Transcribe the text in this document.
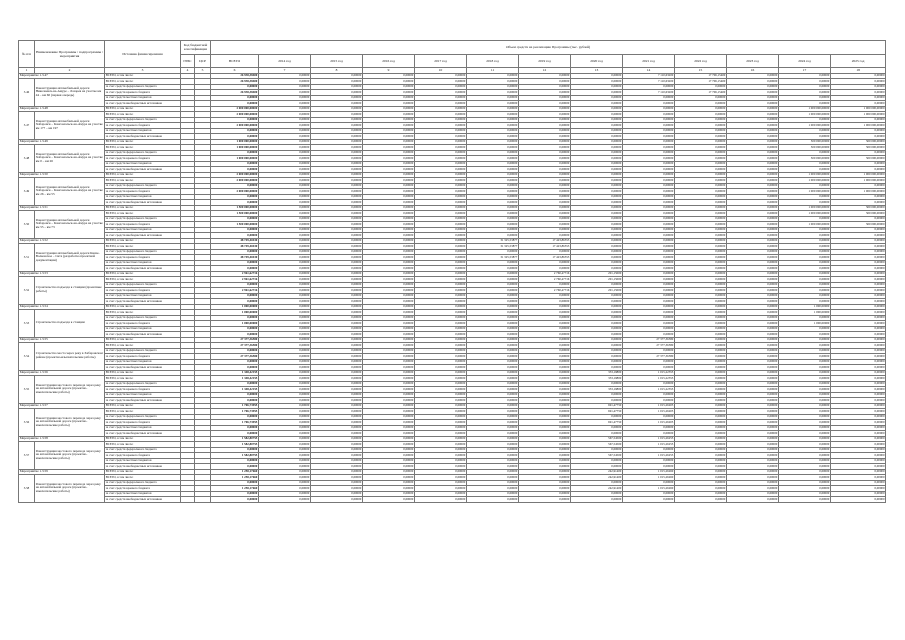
№ п/п	Наименование Программы / подпрограммы / мероприятия	Источник финансирования	Код бюджетной классификации		Объем средств на реализацию Программы (тыс. рублей)												
			ГРБС	ЦСР	ВСЕГО	2014 год	2015 год	2016 год	2017 год	2018 год	2019 год	2020 год	2021 год	2022 год	2023 год	2024 год	2025 год
1	2	3	4	5	6	7	8	9	10	11	12	13	14	15	16	17	18
Мероприятие 1.3.47		ВСЕГО, в том числе:			26 938,38400	0,00000	0,00000	0,00000	0,00000	0,00000	0,00000	0,00000	7 110,63200	17 706,15400	0,00000	0,00000	0,00000
3.46	Реконструкция автомобильной дороги Николаевск-на-Амуре – Лазарев на участке км 44 – км 60 (первая очередь)	ВСЕГО, в том числе:			26 938,38400	0,00000	0,00000	0,00000	0,00000	0,00000	0,00000	0,00000	7 110,63200	17 706,15400	0,00000	0,00000	0,00000
		за счет средств федерального бюджета			0,00000	0,00000	0,00000	0,00000	0,00000	0,00000	0,00000	0,00000	0,00000	0,00000	0,00000	0,00000	0,00000
		за счет средств краевого бюджета			26 938,38400	0,00000	0,00000	0,00000	0,00000	0,00000	0,00000	0,00000	7 110,63200	17 706,15400	0,00000	0,00000	0,00000
		за счет средств местных бюджетов			0,00000	0,00000	0,00000	0,00000	0,00000	0,00000	0,00000	0,00000	0,00000	0,00000	0,00000	0,00000	0,00000
		за счет средств внебюджетных источников			0,00000	0,00000	0,00000	0,00000	0,00000	0,00000	0,00000	0,00000	0,00000	0,00000	0,00000	0,00000	0,00000
Мероприятие 1.3.48		ВСЕГО, в том числе:			2 000 000,00000	0,00000	0,00000	0,00000	0,00000	0,00000	0,00000	0,00000	0,00000	0,00000	0,00000	1 000 000,00000	1 000 000,00000
3.47	Реконструкция автомобильной дороги Хабаровск – Комсомольск-на-Амуре на участке км 177 – км 197	ВСЕГО, в том числе:			2 000 000,00000	0,00000	0,00000	0,00000	0,00000	0,00000	0,00000	0,00000	0,00000	0,00000	0,00000	1 000 000,00000	1 000 000,00000
		за счет средств федерального бюджета			0,00000	0,00000	0,00000	0,00000	0,00000	0,00000	0,00000	0,00000	0,00000	0,00000	0,00000	0,00000	0,00000
		за счет средств краевого бюджета			2 000 000,00000	0,00000	0,00000	0,00000	0,00000	0,00000	0,00000	0,00000	0,00000	0,00000	0,00000	1 000 000,00000	1 000 000,00000
		за счет средств местных бюджетов			0,00000	0,00000	0,00000	0,00000	0,00000	0,00000	0,00000	0,00000	0,00000	0,00000	0,00000	0,00000	0,00000
		за счет средств внебюджетных источников			0,00000	0,00000	0,00000	0,00000	0,00000	0,00000	0,00000	0,00000	0,00000	0,00000	0,00000	0,00000	0,00000
Мероприятие 1.3.49		ВСЕГО, в том числе:			1 000 000,00000	0,00000	0,00000	0,00000	0,00000	0,00000	0,00000	0,00000	0,00000	0,00000	0,00000	500 000,00000	500 000,00000
3.48	Реконструкция автомобильной дороги Хабаровск – Комсомольск-на-Амуре на участке км 0 – км 26	ВСЕГО, в том числе:			1 000 000,00000	0,00000	0,00000	0,00000	0,00000	0,00000	0,00000	0,00000	0,00000	0,00000	0,00000	500 000,00000	500 000,00000
		за счет средств федерального бюджета			0,00000	0,00000	0,00000	0,00000	0,00000	0,00000	0,00000	0,00000	0,00000	0,00000	0,00000	0,00000	0,00000
		за счет средств краевого бюджета			1 000 000,00000	0,00000	0,00000	0,00000	0,00000	0,00000	0,00000	0,00000	0,00000	0,00000	0,00000	500 000,00000	500 000,00000
		за счет средств местных бюджетов			0,00000	0,00000	0,00000	0,00000	0,00000	0,00000	0,00000	0,00000	0,00000	0,00000	0,00000	0,00000	0,00000
		за счет средств внебюджетных источников			0,00000	0,00000	0,00000	0,00000	0,00000	0,00000	0,00000	0,00000	0,00000	0,00000	0,00000	0,00000	0,00000
Мероприятие 1.3.50		ВСЕГО, в том числе:			2 000 000,00000	0,00000	0,00000	0,00000	0,00000	0,00000	0,00000	0,00000	0,00000	0,00000	0,00000	1 000 000,00000	1 000 000,00000
3.49	Реконструкция автомобильной дороги Хабаровск – Комсомольск-на-Амуре на участке км 26 – км 55	ВСЕГО, в том числе:			2 000 000,00000	0,00000	0,00000	0,00000	0,00000	0,00000	0,00000	0,00000	0,00000	0,00000	0,00000	1 000 000,00000	1 000 000,00000
		за счет средств федерального бюджета			0,00000	0,00000	0,00000	0,00000	0,00000	0,00000	0,00000	0,00000	0,00000	0,00000	0,00000	0,00000	0,00000
		за счет средств краевого бюджета			2 000 000,00000	0,00000	0,00000	0,00000	0,00000	0,00000	0,00000	0,00000	0,00000	0,00000	0,00000	1 000 000,00000	1 000 000,00000
		за счет средств местных бюджетов			0,00000	0,00000	0,00000	0,00000	0,00000	0,00000	0,00000	0,00000	0,00000	0,00000	0,00000	0,00000	0,00000
		за счет средств внебюджетных источников			0,00000	0,00000	0,00000	0,00000	0,00000	0,00000	0,00000	0,00000	0,00000	0,00000	0,00000	0,00000	0,00000
Мероприятие 1.3.51		ВСЕГО, в том числе:			1 500 000,00000	0,00000	0,00000	0,00000	0,00000	0,00000	0,00000	0,00000	0,00000	0,00000	0,00000	1 000 000,00000	500 000,00000
3.50	Реконструкция автомобильной дороги Хабаровск – Комсомольск-на-Амуре на участке км 55 – км 73	ВСЕГО, в том числе:			1 500 000,00000	0,00000	0,00000	0,00000	0,00000	0,00000	0,00000	0,00000	0,00000	0,00000	0,00000	1 000 000,00000	500 000,00000
		за счет средств федерального бюджета			0,00000	0,00000	0,00000	0,00000	0,00000	0,00000	0,00000	0,00000	0,00000	0,00000	0,00000	0,00000	0,00000
		за счет средств краевого бюджета			1 500 000,00000	0,00000	0,00000	0,00000	0,00000	0,00000	0,00000	0,00000	0,00000	0,00000	0,00000	1 000 000,00000	500 000,00000
		за счет средств местных бюджетов			0,00000	0,00000	0,00000	0,00000	0,00000	0,00000	0,00000	0,00000	0,00000	0,00000	0,00000	0,00000	0,00000
		за счет средств внебюджетных источников			0,00000	0,00000	0,00000	0,00000	0,00000	0,00000	0,00000	0,00000	0,00000	0,00000	0,00000	0,00000	0,00000
Мероприятие 1.3.52		ВСЕГО, в том числе:			48 749,40430	0,00000	0,00000	0,00000	0,00000	31 325,53877	17 423,86553	0,00000	0,00000	0,00000	0,00000	0,00000	0,00000
3.51	Реконструкция автомобильной дороги Князе-Волконское – Сита (разработка проектной документации)	ВСЕГО, в том числе:			48 749,40430	0,00000	0,00000	0,00000	0,00000	31 325,53877	17 423,86553	0,00000	0,00000	0,00000	0,00000	0,00000	0,00000
		за счет средств федерального бюджета			0,00000	0,00000	0,00000	0,00000	0,00000	0,00000	0,00000	0,00000	0,00000	0,00000	0,00000	0,00000	0,00000
		за счет средств краевого бюджета			48 749,40430	0,00000	0,00000	0,00000	0,00000	31 325,53877	17 423,86553	0,00000	0,00000	0,00000	0,00000	0,00000	0,00000
		за счет средств местных бюджетов			0,00000	0,00000	0,00000	0,00000	0,00000	0,00000	0,00000	0,00000	0,00000	0,00000	0,00000	0,00000	0,00000
		за счет средств внебюджетных источников			0,00000	0,00000	0,00000	0,00000	0,00000	0,00000	0,00000	0,00000	0,00000	0,00000	0,00000	0,00000	0,00000
Мероприятие 1.3.53		ВСЕГО, в том числе:			2 961,62716	0,00000	0,00000	0,00000	0,00000	0,00000	2 760,47716	201,15000	0,00000	0,00000	0,00000	0,00000	0,00000
3.52	Строительство подъезда к станции (проектные работы)	ВСЕГО, в том числе:			2 961,62716	0,00000	0,00000	0,00000	0,00000	0,00000	2 760,47716	201,15000	0,00000	0,00000	0,00000	0,00000	0,00000
		за счет средств федерального бюджета			0,00000	0,00000	0,00000	0,00000	0,00000	0,00000	0,00000	0,00000	0,00000	0,00000	0,00000	0,00000	0,00000
		за счет средств краевого бюджета			2 961,62716	0,00000	0,00000	0,00000	0,00000	0,00000	2 760,47716	201,15000	0,00000	0,00000	0,00000	0,00000	0,00000
		за счет средств местных бюджетов			0,00000	0,00000	0,00000	0,00000	0,00000	0,00000	0,00000	0,00000	0,00000	0,00000	0,00000	0,00000	0,00000
		за счет средств внебюджетных источников			0,00000	0,00000	0,00000	0,00000	0,00000	0,00000	0,00000	0,00000	0,00000	0,00000	0,00000	0,00000	0,00000
Мероприятие 1.3.54		ВСЕГО, в том числе:			1 000,00000	0,00000	0,00000	0,00000	0,00000	0,00000	0,00000	0,00000	0,00000	0,00000	0,00000	1 000,00000	0,00000
3.53	Строительство подъезда к станции	ВСЕГО, в том числе:			1 000,00000	0,00000	0,00000	0,00000	0,00000	0,00000	0,00000	0,00000	0,00000	0,00000	0,00000	1 000,00000	0,00000
		за счет средств федерального бюджета			0,00000	0,00000	0,00000	0,00000	0,00000	0,00000	0,00000	0,00000	0,00000	0,00000	0,00000	0,00000	0,00000
		за счет средств краевого бюджета			1 000,00000	0,00000	0,00000	0,00000	0,00000	0,00000	0,00000	0,00000	0,00000	0,00000	0,00000	1 000,00000	0,00000
		за счет средств местных бюджетов			0,00000	0,00000	0,00000	0,00000	0,00000	0,00000	0,00000	0,00000	0,00000	0,00000	0,00000	0,00000	0,00000
		за счет средств внебюджетных источников			0,00000	0,00000	0,00000	0,00000	0,00000	0,00000	0,00000	0,00000	0,00000	0,00000	0,00000	0,00000	0,00000
Мероприятие 1.3.55		ВСЕГО, в том числе:			27 377,36580	0,00000	0,00000	0,00000	0,00000	0,00000	0,00000	0,00000	27 377,36580	0,00000	0,00000	0,00000	0,00000
3.54	Строительство моста через реку в Хабаровском районе (проектно-изыскательские работы)	ВСЕГО, в том числе:			27 377,36580	0,00000	0,00000	0,00000	0,00000	0,00000	0,00000	0,00000	27 377,36580	0,00000	0,00000	0,00000	0,00000
		за счет средств федерального бюджета			0,00000	0,00000	0,00000	0,00000	0,00000	0,00000	0,00000	0,00000	0,00000	0,00000	0,00000	0,00000	0,00000
		за счет средств краевого бюджета			27 377,36580	0,00000	0,00000	0,00000	0,00000	0,00000	0,00000	0,00000	27 377,36580	0,00000	0,00000	0,00000	0,00000
		за счет средств местных бюджетов			0,00000	0,00000	0,00000	0,00000	0,00000	0,00000	0,00000	0,00000	0,00000	0,00000	0,00000	0,00000	0,00000
		за счет средств внебюджетных источников			0,00000	0,00000	0,00000	0,00000	0,00000	0,00000	0,00000	0,00000	0,00000	0,00000	0,00000	0,00000	0,00000
Мероприятие 1.3.56		ВСЕГО, в том числе:			1 348,42155	0,00000	0,00000	0,00000	0,00000	0,00000	0,00000	333,19800	1 015,22355	0,00000	0,00000	0,00000	0,00000
3.55	Реконструкция мостового перехода через реку на автомобильной дороге (проектно-изыскательские работы)	ВСЕГО, в том числе:			1 348,42155	0,00000	0,00000	0,00000	0,00000	0,00000	0,00000	333,19800	1 015,22355	0,00000	0,00000	0,00000	0,00000
		за счет средств федерального бюджета			0,00000	0,00000	0,00000	0,00000	0,00000	0,00000	0,00000	0,00000	0,00000	0,00000	0,00000	0,00000	0,00000
		за счет средств краевого бюджета			1 348,42155	0,00000	0,00000	0,00000	0,00000	0,00000	0,00000	333,19800	1 015,22355	0,00000	0,00000	0,00000	0,00000
		за счет средств местных бюджетов			0,00000	0,00000	0,00000	0,00000	0,00000	0,00000	0,00000	0,00000	0,00000	0,00000	0,00000	0,00000	0,00000
		за счет средств внебюджетных источников			0,00000	0,00000	0,00000	0,00000	0,00000	0,00000	0,00000	0,00000	0,00000	0,00000	0,00000	0,00000	0,00000
Мероприятие 1.3.57		ВСЕГО, в том числе:			1 706,73955	0,00000	0,00000	0,00000	0,00000	0,00000	0,00000	691,47750	1 015,26205	0,00000	0,00000	0,00000	0,00000
3.56	Реконструкция мостового перехода через реку на автомобильной дороге (проектно-изыскательские работы)	ВСЕГО, в том числе:			1 706,73955	0,00000	0,00000	0,00000	0,00000	0,00000	0,00000	691,47750	1 015,26205	0,00000	0,00000	0,00000	0,00000
		за счет средств федерального бюджета			0,00000	0,00000	0,00000	0,00000	0,00000	0,00000	0,00000	0,00000	0,00000	0,00000	0,00000	0,00000	0,00000
		за счет средств краевого бюджета			1 706,73955	0,00000	0,00000	0,00000	0,00000	0,00000	0,00000	691,47750	1 015,26205	0,00000	0,00000	0,00000	0,00000
		за счет средств местных бюджетов			0,00000	0,00000	0,00000	0,00000	0,00000	0,00000	0,00000	0,00000	0,00000	0,00000	0,00000	0,00000	0,00000
		за счет средств внебюджетных источников			0,00000	0,00000	0,00000	0,00000	0,00000	0,00000	0,00000	0,00000	0,00000	0,00000	0,00000	0,00000	0,00000
Мероприятие 1.3.58		ВСЕГО, в том числе:			1 582,80755	0,00000	0,00000	0,00000	0,00000	0,00000	0,00000	567,54500	1 015,26255	0,00000	0,00000	0,00000	0,00000
3.57	Реконструкция мостового перехода через реку на автомобильной дороге (проектно-изыскательские работы)	ВСЕГО, в том числе:			1 582,80755	0,00000	0,00000	0,00000	0,00000	0,00000	0,00000	567,54500	1 015,26255	0,00000	0,00000	0,00000	0,00000
		за счет средств федерального бюджета			0,00000	0,00000	0,00000	0,00000	0,00000	0,00000	0,00000	0,00000	0,00000	0,00000	0,00000	0,00000	0,00000
		за счет средств краевого бюджета			1 582,80755	0,00000	0,00000	0,00000	0,00000	0,00000	0,00000	567,54500	1 015,26255	0,00000	0,00000	0,00000	0,00000
		за счет средств местных бюджетов			0,00000	0,00000	0,00000	0,00000	0,00000	0,00000	0,00000	0,00000	0,00000	0,00000	0,00000	0,00000	0,00000
		за счет средств внебюджетных источников			0,00000	0,00000	0,00000	0,00000	0,00000	0,00000	0,00000	0,00000	0,00000	0,00000	0,00000	0,00000	0,00000
Мероприятие 1.3.59		ВСЕГО, в том числе:			1 258,17660	0,00000	0,00000	0,00000	0,00000	0,00000	0,00000	242,91400	1 015,26260	0,00000	0,00000	0,00000	0,00000
3.58	Реконструкция мостового перехода через реку на автомобильной дороге (проектно-изыскательские работы)	ВСЕГО, в том числе:			1 258,17660	0,00000	0,00000	0,00000	0,00000	0,00000	0,00000	242,91400	1 015,26260	0,00000	0,00000	0,00000	0,00000
		за счет средств федерального бюджета			0,00000	0,00000	0,00000	0,00000	0,00000	0,00000	0,00000	0,00000	0,00000	0,00000	0,00000	0,00000	0,00000
		за счет средств краевого бюджета			1 258,17660	0,00000	0,00000	0,00000	0,00000	0,00000	0,00000	242,91400	1 015,26260	0,00000	0,00000	0,00000	0,00000
		за счет средств местных бюджетов			0,00000	0,00000	0,00000	0,00000	0,00000	0,00000	0,00000	0,00000	0,00000	0,00000	0,00000	0,00000	0,00000
		за счет средств внебюджетных источников			0,00000	0,00000	0,00000	0,00000	0,00000	0,00000	0,00000	0,00000	0,00000	0,00000	0,00000	0,00000	0,00000
